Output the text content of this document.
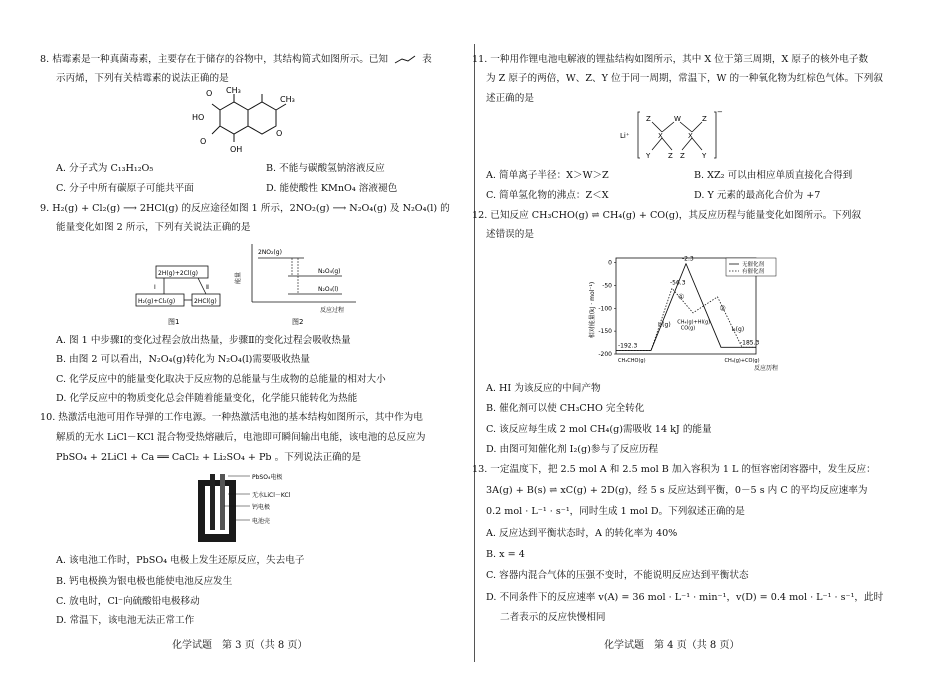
8. 桔霉素是一种真菌毒素，主要存在于储存的谷物中，其结构简式如图所示。已知	表
示丙烯，下列有关桔霉素的说法正确的是
O CH₃
CH₃
HO
O
O
OH
A. 分子式为 C₁₃H₁₂O₅	B. 不能与碳酸氢钠溶液反应
C. 分子中所有碳原子可能共平面	D. 能使酸性 KMnO₄ 溶液褪色
9. H₂(g) + Cl₂(g) ⟶ 2HCl(g) 的反应途径如图 1 所示，2NO₂(g) ⟶ N₂O₄(g) 及 N₂O₄(l) 的
能量变化如图 2 所示，下列有关说法正确的是
2H(g)+2Cl(g)
Ⅰ	Ⅱ
H₂(g)+Cl₂(g)	2HCl(g)
图1
2NO₂(g)
N₂O₄(g)
N₂O₄(l)
能量
反应过程
图2
A. 图 1 中步骤Ⅰ的变化过程会放出热量，步骤Ⅱ的变化过程会吸收热量
B. 由图 2 可以看出，N₂O₄(g)转化为 N₂O₄(l)需要吸收热量
C. 化学反应中的能量变化取决于反应物的总能量与生成物的总能量的相对大小
D. 化学反应中的物质变化总会伴随着能量变化，化学能只能转化为热能
10. 热激活电池可用作导弹的工作电源。一种热激活电池的基本结构如图所示，其中作为电
解质的无水 LiCl－KCl 混合物受热熔融后，电池即可瞬间输出电能，该电池的总反应为
PbSO₄ + 2LiCl + Ca ══ CaCl₂ + Li₂SO₄ + Pb 。下列说法正确的是
PbSO₄电极
无水LiCl－KCl
钙电极
电池壳
A. 该电池工作时，PbSO₄ 电极上发生还原反应，失去电子
B. 钙电极换为银电极也能使电池反应发生
C. 放电时，Cl⁻向硫酸铅电极移动
D. 常温下，该电池无法正常工作
化学试题　第 3 页（共 8 页）
11. 一种用作锂电池电解液的锂盐结构如图所示，其中 X 位于第三周期，X 原子的核外电子数
为 Z 原子的两倍，W、Z、Y 位于同一周期，常温下，W 的一种氧化物为红棕色气体。下列叙
述正确的是
Li⁺
Z	W	Z
X	X
Y	Z Z Y
−
A. 简单离子半径：X＞W＞Z	B. XZ₂ 可以由相应单质直接化合得到
C. 简单氢化物的沸点：Z＜X	D. Y 元素的最高化合价为 +7
12. 已知反应 CH₃CHO(g) ⇌ CH₄(g) + CO(g)，其反应历程与能量变化如图所示。下列叙
述错误的是
0
-50
-100
-150
-200
-2.3
-56.3
-192.3	-185.3
①
②
I₂(g)
I₂(g)
CH₄(g)+HI(g)
CH₃CHO(g)	CH₄(g)+CO(g)
CO(g)
无催化剂
有催化剂
相对能量(kJ · mol⁻¹)
反应历程
A. HI 为该反应的中间产物
B. 催化剂可以使 CH₃CHO 完全转化
C. 该反应每生成 2 mol CH₄(g)需吸收 14 kJ 的能量
D. 由图可知催化剂 I₂(g)参与了反应历程
13. 一定温度下，把 2.5 mol A 和 2.5 mol B 加入容积为 1 L 的恒容密闭容器中，发生反应：
3A(g) + B(s) ⇌ xC(g) + 2D(g)，经 5 s 反应达到平衡，0－5 s 内 C 的平均反应速率为
0.2 mol · L⁻¹ · s⁻¹，同时生成 1 mol D。下列叙述正确的是
A. 反应达到平衡状态时，A 的转化率为 40%
B. x = 4
C. 容器内混合气体的压强不变时，不能说明反应达到平衡状态
D. 不同条件下的反应速率 v(A) = 36 mol · L⁻¹ · min⁻¹，v(D) = 0.4 mol · L⁻¹ · s⁻¹，此时
二者表示的反应快慢相同
化学试题　第 4 页（共 8 页）
